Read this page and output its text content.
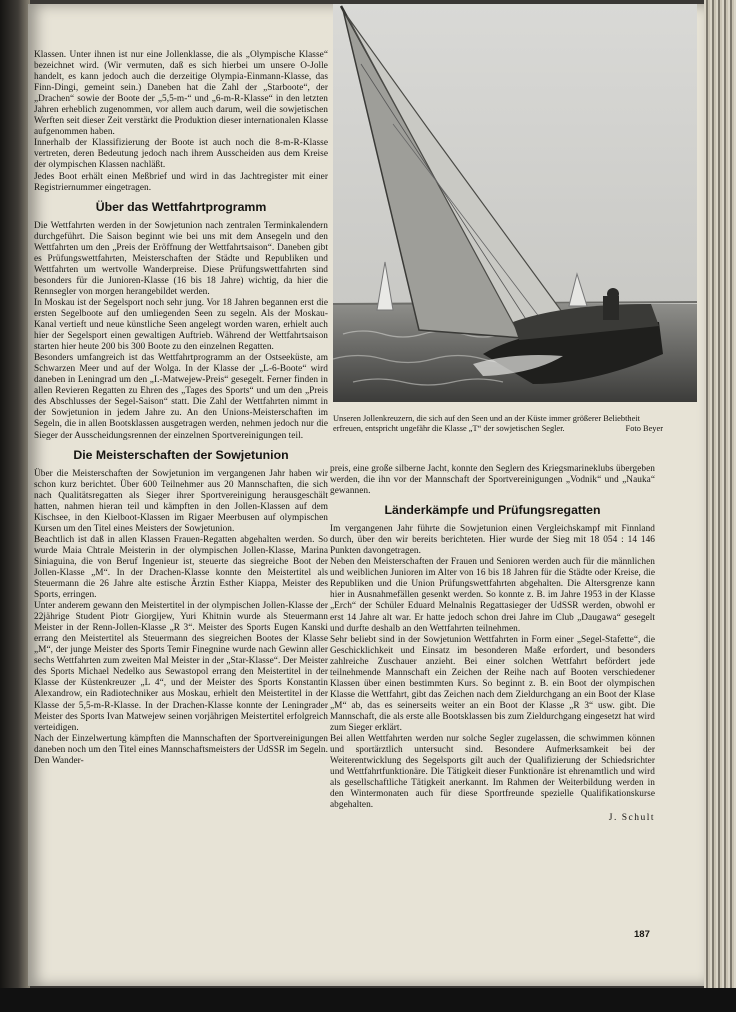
Klassen. Unter ihnen ist nur eine Jollenklasse, die als „Olympische Klasse“ bezeichnet wird. (Wir vermuten, daß es sich hierbei um unsere O-Jolle handelt, es kann jedoch auch die derzeitige Olympia-Einmann-Klasse, das Finn-Dingi, gemeint sein.) Daneben hat die Zahl der „Starboote“, der „Drachen“ sowie der Boote der „5,5-m-“ und „6-m-R-Klasse“ in den letzten Jahren erheblich zugenommen, vor allem auch darum, weil die sowjetischen Werften seit dieser Zeit verstärkt die Produktion dieser internationalen Klasse aufgenommen haben.

Innerhalb der Klassifizierung der Boote ist auch noch die 8-m-R-Klasse vertreten, deren Bedeutung jedoch nach ihrem Ausscheiden aus dem Kreise der olympischen Klassen nachläßt.

Jedes Boot erhält einen Meßbrief und wird in das Jachtregister mit einer Registriernummer eingetragen.

Über das Wettfahrtprogramm

Die Wettfahrten werden in der Sowjetunion nach zentralen Terminkalendern durchgeführt. Die Saison beginnt wie bei uns mit dem Ansegeln und den Wettfahrten um den „Preis der Eröffnung der Wettfahrtsaison“. Daneben gibt es Prüfungswettfahrten, Meisterschaften der Städte und Republiken und Wettfahrten um wertvolle Wanderpreise. Diese Prüfungswettfahrten sind besonders für die Junioren-Klasse (16 bis 18 Jahre) wichtig, da hier die Rennsegler von morgen herangebildet werden.

In Moskau ist der Segelsport noch sehr jung. Vor 18 Jahren begannen erst die ersten Segelboote auf den umliegenden Seen zu segeln. Als der Moskau-Kanal vertieft und neue künstliche Seen angelegt worden waren, erhielt auch hier der Segelsport einen gewaltigen Auftrieb. Während der Wettfahrtsaison starten hier heute 200 bis 300 Boote zu den einzelnen Regatten.

Besonders umfangreich ist das Wettfahrtprogramm an der Ostseeküste, am Schwarzen Meer und auf der Wolga. In der Klasse der „L-6-Boote“ wird daneben in Leningrad um den „I.-Matwejew-Preis“ gesegelt. Ferner finden in allen Revieren Regatten zu Ehren des „Tages des Sports“ und um den „Preis des Abschlusses der Segel-Saison“ statt. Die Zahl der Wettfahrten nimmt in der Sowjetunion in jedem Jahre zu. An den Unions-Meisterschaften im Segeln, die in allen Bootsklassen ausgetragen werden, nehmen jedoch nur die Sieger der Ausscheidungsrennen der einzelnen Sportvereinigungen teil.

Die Meisterschaften der Sowjetunion

Über die Meisterschaften der Sowjetunion im vergangenen Jahr haben wir schon kurz berichtet. Über 600 Teilnehmer aus 20 Mannschaften, die sich nach Qualitätsregatten als Sieger ihrer Sportvereinigung herausgeschält hatten, nahmen hieran teil und kämpften in den Jollen-Klassen auf dem Kischsee, in den Kielboot-Klassen im Rigaer Meerbusen auf olympischen Kursen um den Titel eines Meisters der Sowjetunion.

Beachtlich ist daß in allen Klassen Frauen-Regatten abgehalten werden. So wurde Maia Chtrale Meisterin in der olympischen Jollen-Klasse, Marina Siniaguina, die von Beruf Ingenieur ist, steuerte das siegreiche Boot der Jollen-Klasse „M“. In der Drachen-Klasse konnte den Meistertitel als Steuermann die 26 Jahre alte estische Ärztin Esther Kiappa, Meister des Sports, erringen.

Unter anderem gewann den Meistertitel in der olympischen Jollen-Klasse der 22jährige Student Piotr Giorgijew, Yuri Khitnin wurde als Steuermann Meister in der Renn-Jollen-Klasse „R 3“. Meister des Sports Eugen Kanski errang den Meistertitel als Steuermann des siegreichen Bootes der Klasse „M“, der junge Meister des Sports Temir Finegnine wurde nach Gewinn aller sechs Wettfahrten zum zweiten Mal Meister in der „Star-Klasse“. Der Meister des Sports Michael Nedelko aus Sewastopol errang den Meistertitel in der Klasse der Küstenkreuzer „L 4“, und der Meister des Sports Konstantin Alexandrow, ein Radiotechniker aus Moskau, erhielt den Meistertitel in der Klasse der 5,5-m-R-Klasse. In der Drachen-Klasse konnte der Leningrader Meister des Sports Ivan Matwejew seinen vorjährigen Meistertitel erfolgreich verteidigen.

Nach der Einzelwertung kämpften die Mannschaften der Sportvereinigungen daneben noch um den Titel eines Mannschaftsmeisters der UdSSR im Segeln. Den Wander-

Unseren Jollenkreuzern, die sich auf den Seen und an der Küste immer größerer Beliebtheit erfreuen, entspricht ungefähr die Klasse „T“ der sowjetischen Segler.	Foto Beyer

preis, eine große silberne Jacht, konnte den Seglern des Kriegsmarineklubs übergeben werden, die ihn vor der Mannschaft der Sportvereinigungen „Vodnik“ und „Nauka“ gewannen.

Länderkämpfe und Prüfungsregatten

Im vergangenen Jahr führte die Sowjetunion einen Vergleichskampf mit Finnland durch, über den wir bereits berichteten. Hier wurde der Sieg mit 18 054 : 14 146 Punkten davongetragen.

Neben den Meisterschaften der Frauen und Senioren werden auch für die männlichen und weiblichen Junioren im Alter von 16 bis 18 Jahren für die Städte oder Kreise, die Republiken und die Union Prüfungswettfahrten abgehalten. Die Altersgrenze kann hier in Ausnahmefällen gesenkt werden. So konnte z. B. im Jahre 1953 in der Klasse „Erch“ der Schüler Eduard Melnalnis Regattasieger der UdSSR werden, obwohl er erst 14 Jahre alt war. Er hatte jedoch schon drei Jahre im Club „Daugawa“ gesegelt und durfte deshalb an den Wettfahrten teilnehmen.

Sehr beliebt sind in der Sowjetunion Wettfahrten in Form einer „Segel-Stafette“, die Geschicklichkeit und Einsatz im besonderen Maße erfordert, und besonders zahlreiche Zuschauer anzieht. Bei einer solchen Wettfahrt befördert jede teilnehmende Mannschaft ein Zeichen der Reihe nach auf Booten verschiedener Klassen über einen bestimmten Kurs. So beginnt z. B. ein Boot der olympischen Klasse die Wettfahrt, gibt das Zeichen nach dem Zieldurchgang an ein Boot der Klase „M“ ab, das es seinerseits weiter an ein Boot der Klasse „R 3“ usw. gibt. Die Mannschaft, die als erste alle Bootsklassen bis zum Zieldurchgang eingesetzt hat wird zum Sieger erklärt.

Bei allen Wettfahrten werden nur solche Segler zugelassen, die schwimmen können und sportärztlich untersucht sind. Besondere Aufmerksamkeit bei der Weiterentwicklung des Segelsports gilt auch der Qualifizierung der Schiedsrichter und Wettfahrtfunktionäre. Die Tätigkeit dieser Funktionäre ist ehrenamtlich und wird als gesellschaftliche Tätigkeit anerkannt. Im Rahmen der Weiterbildung werden in den Wintermonaten auch für diese Sportfreunde spezielle Qualifikationskurse abgehalten.

J. Schult
187
